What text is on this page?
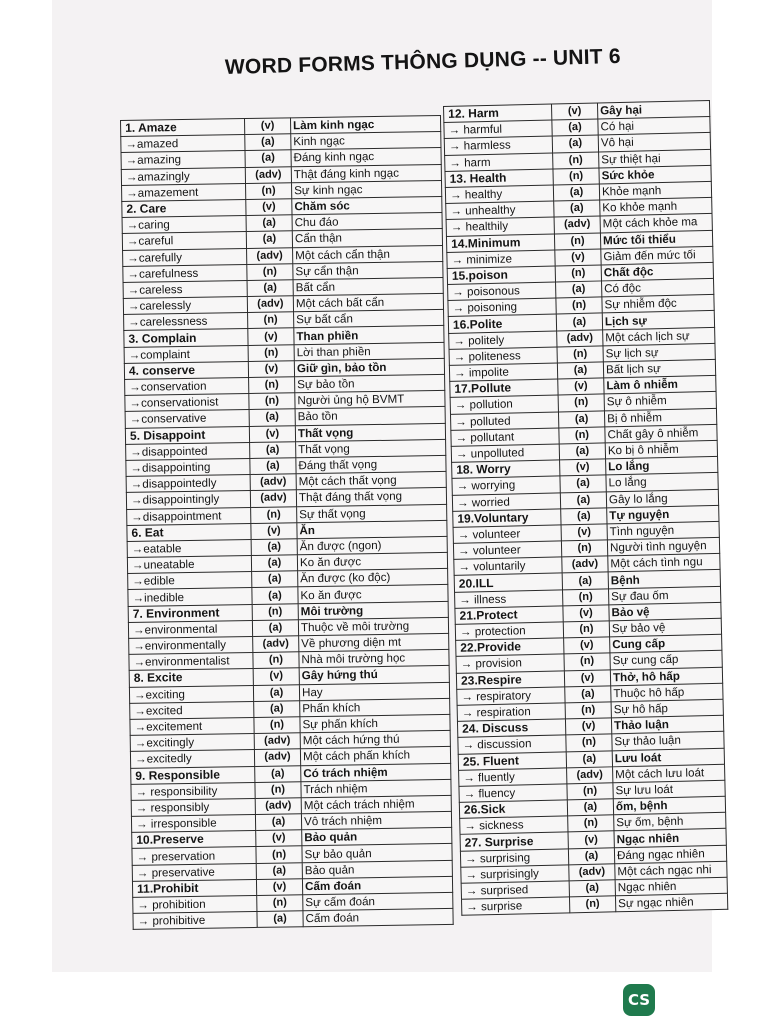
WORD FORMS THÔNG DỤNG -- UNIT 6
1. Amaze	(v)	Làm kinh ngạc
→amazed	(a)	Kinh ngạc
→amazing	(a)	Đáng kinh ngạc
→amazingly	(adv)	Thật đáng kinh ngạc
→amazement	(n)	Sự kinh ngạc
2. Care	(v)	Chăm sóc
→caring	(a)	Chu đáo
→careful	(a)	Cẩn thận
→carefully	(adv)	Một cách cẩn thận
→carefulness	(n)	Sự cẩn thận
→careless	(a)	Bất cẩn
→carelessly	(adv)	Một cách bất cẩn
→carelessness	(n)	Sự bất cẩn
3. Complain	(v)	Than phiền
→complaint	(n)	Lời than phiền
4. conserve	(v)	Giữ gìn, bảo tồn
→conservation	(n)	Sự bảo tồn
→conservationist	(n)	Người ủng hộ BVMT
→conservative	(a)	Bảo tồn
5. Disappoint	(v)	Thất vọng
→disappointed	(a)	Thất vọng
→disappointing	(a)	Đáng thất vọng
→disappointedly	(adv)	Một cách thất vọng
→disappointingly	(adv)	Thật đáng thất vọng
→disappointment	(n)	Sự thất vọng
6. Eat	(v)	Ăn
→eatable	(a)	Ăn được (ngon)
→uneatable	(a)	Ko ăn được
→edible	(a)	Ăn được (ko độc)
→inedible	(a)	Ko ăn được
7. Environment	(n)	Môi trường
→environmental	(a)	Thuộc về môi trường
→environmentally	(adv)	Về phương diện mt
→environmentalist	(n)	Nhà môi trường học
8. Excite	(v)	Gây hứng thú
→exciting	(a)	Hay
→excited	(a)	Phấn khích
→excitement	(n)	Sự phấn khích
→excitingly	(adv)	Một cách hứng thú
→excitedly	(adv)	Một cách phấn khích
9. Responsible	(a)	Có trách nhiệm
→ responsibility	(n)	Trách nhiệm
→ responsibly	(adv)	Một cách trách nhiệm
→ irresponsible	(a)	Vô trách nhiệm
10.Preserve	(v)	Bảo quản
→ preservation	(n)	Sự bảo quản
→ preservative	(a)	Bảo quản
11.Prohibit	(v)	Cấm đoán
→ prohibition	(n)	Sự cấm đoán
→ prohibitive	(a)	Cấm đoán
12. Harm	(v)	Gây hại
→ harmful	(a)	Có hại
→ harmless	(a)	Vô hại
→ harm	(n)	Sự thiệt hại
13. Health	(n)	Sức khỏe
→ healthy	(a)	Khỏe mạnh
→ unhealthy	(a)	Ko khỏe mạnh
→ healthily	(adv)	Một cách khỏe ma
14.Minimum	(n)	Mức tối thiểu
→ minimize	(v)	Giảm đến mức tối
15.poison	(n)	Chất độc
→ poisonous	(a)	Có độc
→ poisoning	(n)	Sự nhiễm độc
16.Polite	(a)	Lịch sự
→ politely	(adv)	Một cách lịch sự
→ politeness	(n)	Sự lịch sự
→ impolite	(a)	Bất lịch sự
17.Pollute	(v)	Làm ô nhiễm
→ pollution	(n)	Sự ô nhiễm
→ polluted	(a)	Bị ô nhiễm
→ pollutant	(n)	Chất gây ô nhiễm
→ unpolluted	(a)	Ko bị ô nhiễm
18. Worry	(v)	Lo lắng
→ worrying	(a)	Lo lắng
→ worried	(a)	Gây lo lắng
19.Voluntary	(a)	Tự nguyện
→ volunteer	(v)	Tình nguyện
→ volunteer	(n)	Người tình nguyện
→ voluntarily	(adv)	Một cách tình ngu
20.ILL	(a)	Bệnh
→ illness	(n)	Sự đau ốm
21.Protect	(v)	Bảo vệ
→ protection	(n)	Sự bảo vệ
22.Provide	(v)	Cung cấp
→ provision	(n)	Sự cung cấp
23.Respire	(v)	Thở, hô hấp
→ respiratory	(a)	Thuộc hô hấp
→ respiration	(n)	Sự hô hấp
24. Discuss	(v)	Thảo luận
→ discussion	(n)	Sự thảo luận
25. Fluent	(a)	Lưu loát
→ fluently	(adv)	Một cách lưu loát
→ fluency	(n)	Sự lưu loát
26.Sick	(a)	ốm, bệnh
→ sickness	(n)	Sự ốm, bệnh
27. Surprise	(v)	Ngạc nhiên
→ surprising	(a)	Đáng ngạc nhiên
→ surprisingly	(adv)	Một cách ngạc nhi
→ surprised	(a)	Ngạc nhiên
→ surprise	(n)	Sự ngạc nhiên
CS
